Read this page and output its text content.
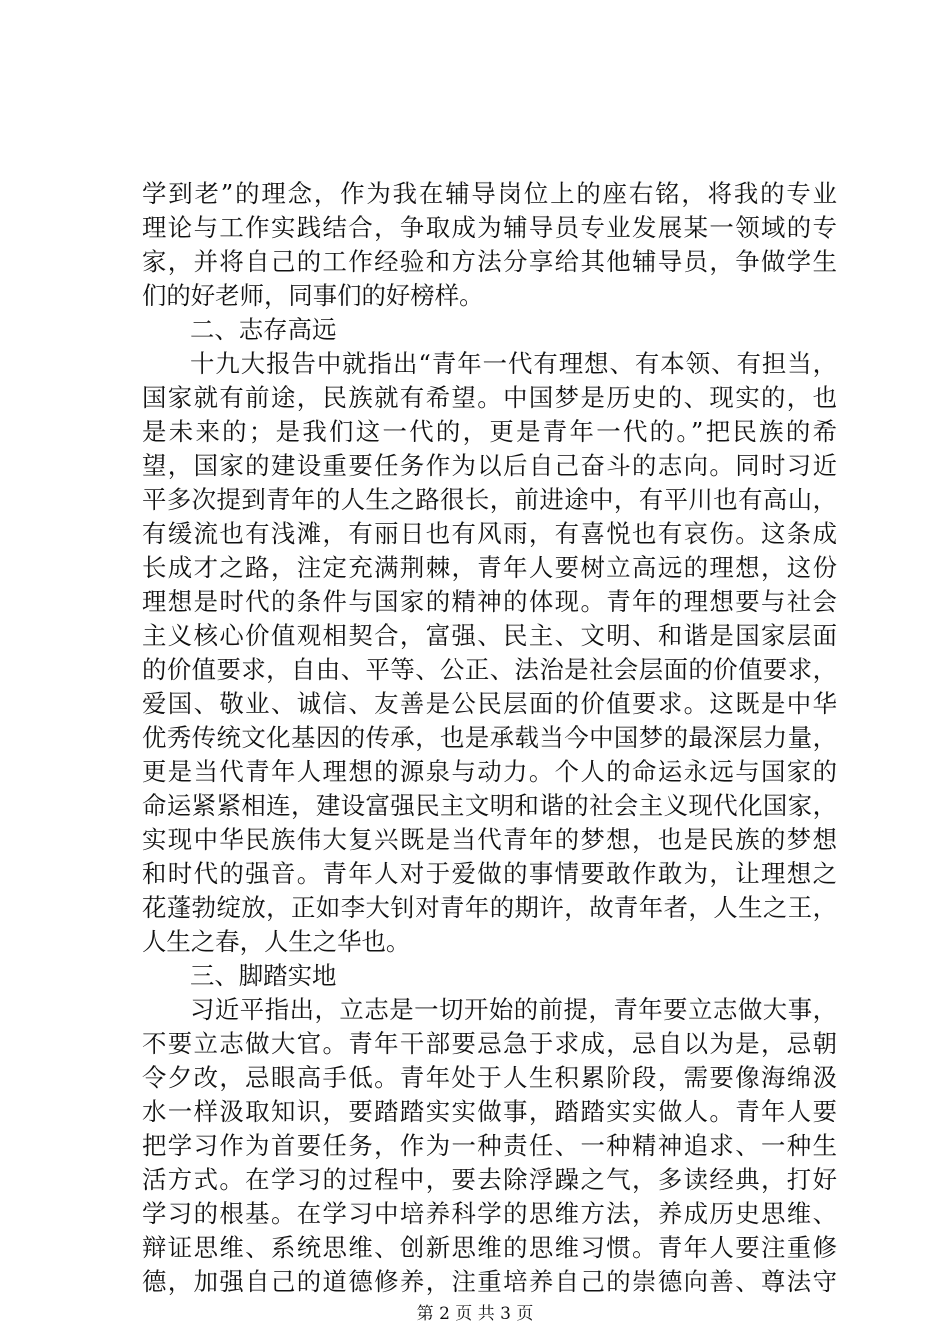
学到老”的理念，作为我在辅导岗位上的座右铭，将我的专业
理论与工作实践结合，争取成为辅导员专业发展某一领域的专
家，并将自己的工作经验和方法分享给其他辅导员，争做学生
们的好老师，同事们的好榜样。
二、志存高远
十九大报告中就指出“青年一代有理想、有本领、有担当，
国家就有前途，民族就有希望。中国梦是历史的、现实的，也
是未来的；是我们这一代的，更是青年一代的。”把民族的希
望，国家的建设重要任务作为以后自己奋斗的志向。同时习近
平多次提到青年的人生之路很长，前进途中，有平川也有高山，
有缓流也有浅滩，有丽日也有风雨，有喜悦也有哀伤。这条成
长成才之路，注定充满荆棘，青年人要树立高远的理想，这份
理想是时代的条件与国家的精神的体现。青年的理想要与社会
主义核心价值观相契合，富强、民主、文明、和谐是国家层面
的价值要求，自由、平等、公正、法治是社会层面的价值要求，
爱国、敬业、诚信、友善是公民层面的价值要求。这既是中华
优秀传统文化基因的传承，也是承载当今中国梦的最深层力量，
更是当代青年人理想的源泉与动力。个人的命运永远与国家的
命运紧紧相连，建设富强民主文明和谐的社会主义现代化国家，
实现中华民族伟大复兴既是当代青年的梦想，也是民族的梦想
和时代的强音。青年人对于爱做的事情要敢作敢为，让理想之
花蓬勃绽放，正如李大钊对青年的期许，故青年者，人生之王，
人生之春，人生之华也。
三、脚踏实地
习近平指出，立志是一切开始的前提，青年要立志做大事，
不要立志做大官。青年干部要忌急于求成，忌自以为是，忌朝
令夕改，忌眼高手低。青年处于人生积累阶段，需要像海绵汲
水一样汲取知识，要踏踏实实做事，踏踏实实做人。青年人要
把学习作为首要任务，作为一种责任、一种精神追求、一种生
活方式。在学习的过程中，要去除浮躁之气，多读经典，打好
学习的根基。在学习中培养科学的思维方法，养成历史思维、
辩证思维、系统思维、创新思维的思维习惯。青年人要注重修
德，加强自己的道德修养，注重培养自己的崇德向善、尊法守
第 2 页 共 3 页
